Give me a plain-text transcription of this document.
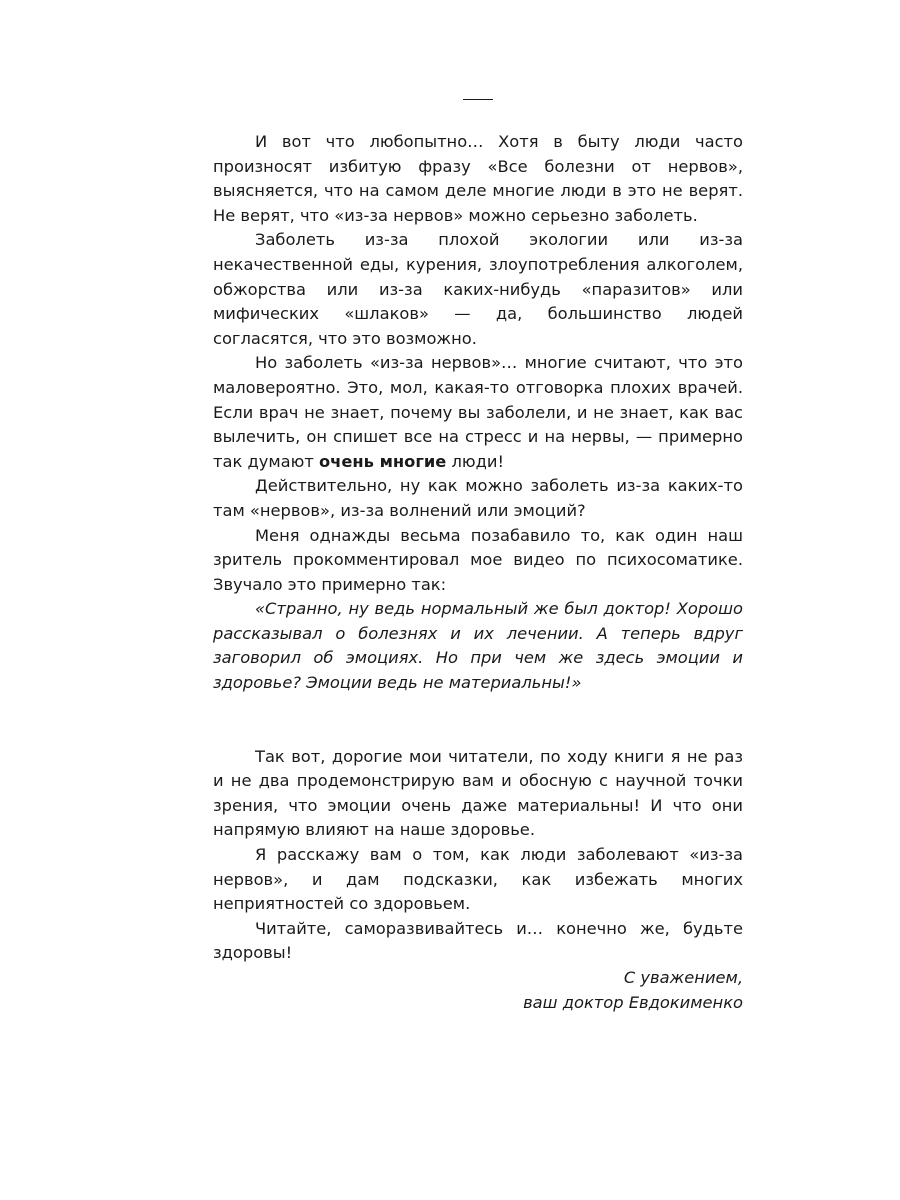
И вот что любопытно… Хотя в быту люди часто произносят избитую фразу «Все болезни от нервов», выясняется, что на самом деле многие люди в это не верят. Не верят, что «из-за нервов» можно серьезно заболеть.

Заболеть из-за плохой экологии или из-за некачественной еды, курения, злоупотребления алкоголем, обжорства или из-за каких-нибудь «паразитов» или мифических «шлаков» — да, большинство людей согласятся, что это возможно.

Но заболеть «из-за нервов»… многие считают, что это маловероятно. Это, мол, какая-то отговорка плохих врачей. Если врач не знает, почему вы заболели, и не знает, как вас вылечить, он спишет все на стресс и на нервы, — примерно так думают очень многие люди!

Действительно, ну как можно заболеть из-за каких-то там «нервов», из-за волнений или эмоций?

Меня однажды весьма позабавило то, как один наш зритель прокомментировал мое видео по психосоматике. Звучало это примерно так:

«Странно, ну ведь нормальный же был доктор! Хорошо рассказывал о болезнях и их лечении. А теперь вдруг заговорил об эмоциях. Но при чем же здесь эмоции и здоровье? Эмоции ведь не материальны!»

Так вот, дорогие мои читатели, по ходу книги я не раз и не два продемонстрирую вам и обосную с научной точки зрения, что эмоции очень даже материальны! И что они напрямую влияют на наше здоровье.

Я расскажу вам о том, как люди заболевают «из-за нервов», и дам подсказки, как избежать многих неприятностей со здоровьем.

Читайте, саморазвивайтесь и… конечно же, будьте здоровы!

С уважением,
ваш доктор Евдокименко
